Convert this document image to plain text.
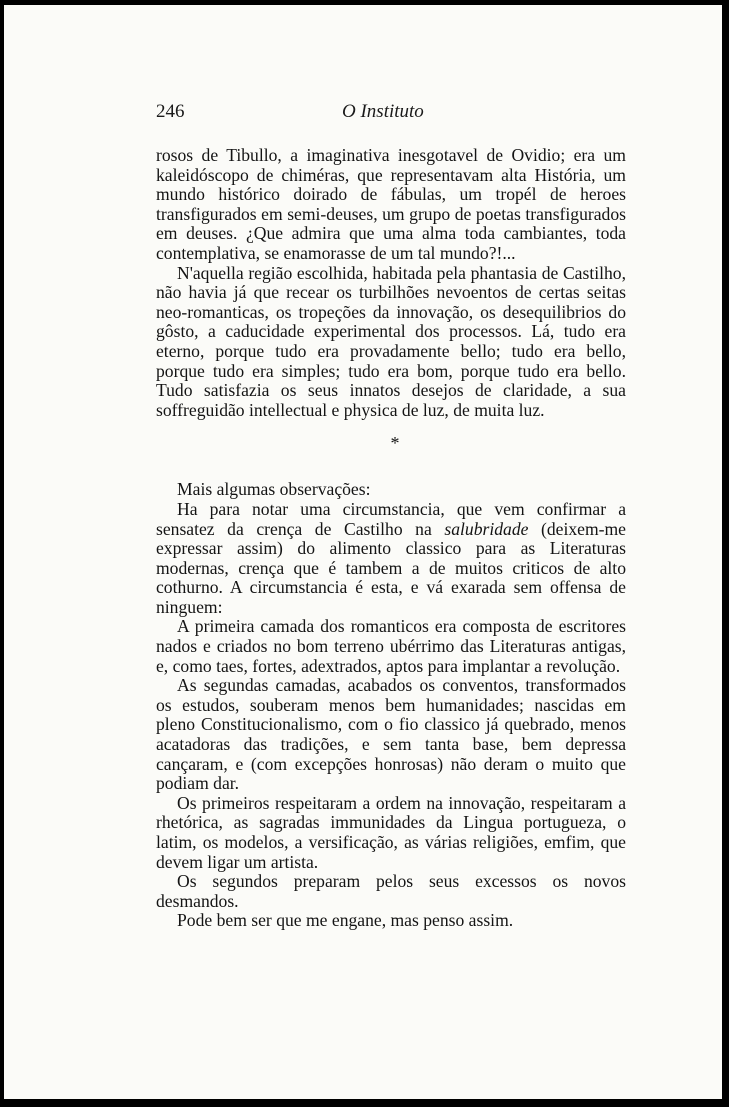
246	O Instituto

rosos de Tibullo, a imaginativa inesgotavel de Ovidio; era um kaleidóscopo de chiméras, que representavam alta História, um mundo histórico doirado de fábulas, um tropél de heroes transfigurados em semi-deuses, um grupo de poetas transfigurados em deuses. ¿Que admira que uma alma toda cambiantes, toda contemplativa, se enamorasse de um tal mundo?!...

N'aquella região escolhida, habitada pela phantasia de Castilho, não havia já que recear os turbilhões nevoentos de certas seitas neo-romanticas, os tropeções da innovação, os desequilibrios do gôsto, a caducidade experimental dos processos. Lá, tudo era eterno, porque tudo era provadamente bello; tudo era bello, porque tudo era simples; tudo era bom, porque tudo era bello. Tudo satisfazia os seus innatos desejos de claridade, a sua soffreguidão intellectual e physica de luz, de muita luz.

*

Mais algumas observações:

Ha para notar uma circumstancia, que vem confirmar a sensatez da crença de Castilho na salubridade (deixem-me expressar assim) do alimento classico para as Literaturas modernas, crença que é tambem a de muitos criticos de alto cothurno. A circumstancia é esta, e vá exarada sem offensa de ninguem:

A primeira camada dos romanticos era composta de escritores nados e criados no bom terreno ubérrimo das Literaturas antigas, e, como taes, fortes, adextrados, aptos para implantar a revolução.

As segundas camadas, acabados os conventos, transformados os estudos, souberam menos bem humanidades; nascidas em pleno Constitucionalismo, com o fio classico já quebrado, menos acatadoras das tradições, e sem tanta base, bem depressa cançaram, e (com excepções honrosas) não deram o muito que podiam dar.

Os primeiros respeitaram a ordem na innovação, respeitaram a rhetórica, as sagradas immunidades da Lingua portugueza, o latim, os modelos, a versificação, as várias religiões, emfim, que devem ligar um artista.

Os segundos preparam pelos seus excessos os novos desmandos.

Pode bem ser que me engane, mas penso assim.
